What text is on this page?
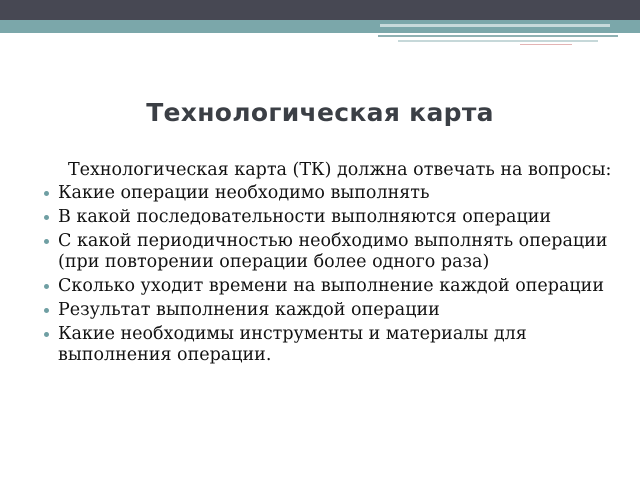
Технологическая карта

Технологическая карта (ТК) должна отвечать на вопросы:

Какие операции необходимо выполнять
В какой последовательности выполняются операции
С какой периодичностью необходимо выполнять операции (при повторении операции более одного раза)
Сколько уходит времени на выполнение каждой операции
Результат выполнения каждой операции
Какие необходимы инструменты и материалы для выполнения операции.
